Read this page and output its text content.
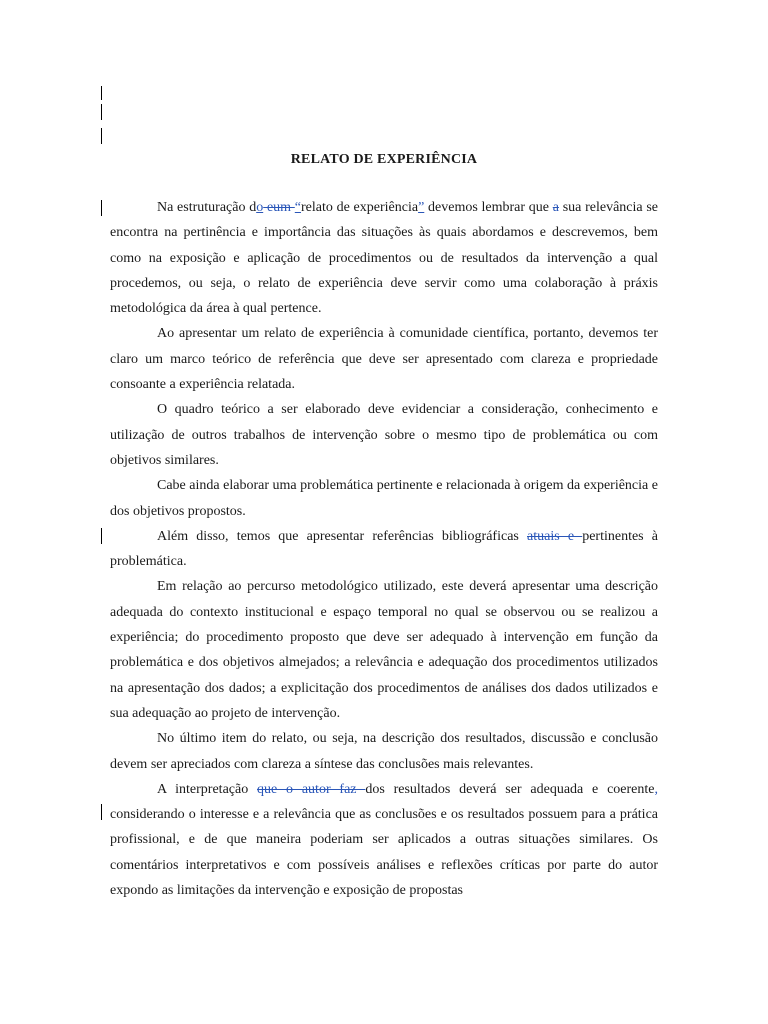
RELATO DE EXPERIÊNCIA

Na estruturação do eum “relato de experiência” devemos lembrar que a sua relevância se encontra na pertinência e importância das situações às quais abordamos e descrevemos, bem como na exposição e aplicação de procedimentos ou de resultados da intervenção a qual procedemos, ou seja, o relato de experiência deve servir como uma colaboração à práxis metodológica da área à qual pertence.

Ao apresentar um relato de experiência à comunidade científica, portanto, devemos ter claro um marco teórico de referência que deve ser apresentado com clareza e propriedade consoante a experiência relatada.

O quadro teórico a ser elaborado deve evidenciar a consideração, conhecimento e utilização de outros trabalhos de intervenção sobre o mesmo tipo de problemática ou com objetivos similares.

Cabe ainda elaborar uma problemática pertinente e relacionada à origem da experiência e dos objetivos propostos.

Além disso, temos que apresentar referências bibliográficas atuais e pertinentes à problemática.

Em relação ao percurso metodológico utilizado, este deverá apresentar uma descrição adequada do contexto institucional e espaço temporal no qual se observou ou se realizou a experiência; do procedimento proposto que deve ser adequado à intervenção em função da problemática e dos objetivos almejados; a relevância e adequação dos procedimentos utilizados na apresentação dos dados; a explicitação dos procedimentos de análises dos dados utilizados e sua adequação ao projeto de intervenção.

No último item do relato, ou seja, na descrição dos resultados, discussão e conclusão devem ser apreciados com clareza a síntese das conclusões mais relevantes.

A interpretação que o autor faz dos resultados deverá ser adequada e coerente, considerando o interesse e a relevância que as conclusões e os resultados possuem para a prática profissional, e de que maneira poderiam ser aplicados a outras situações similares. Os comentários interpretativos e com possíveis análises e reflexões críticas por parte do autor expondo as limitações da intervenção e exposição de propostas
